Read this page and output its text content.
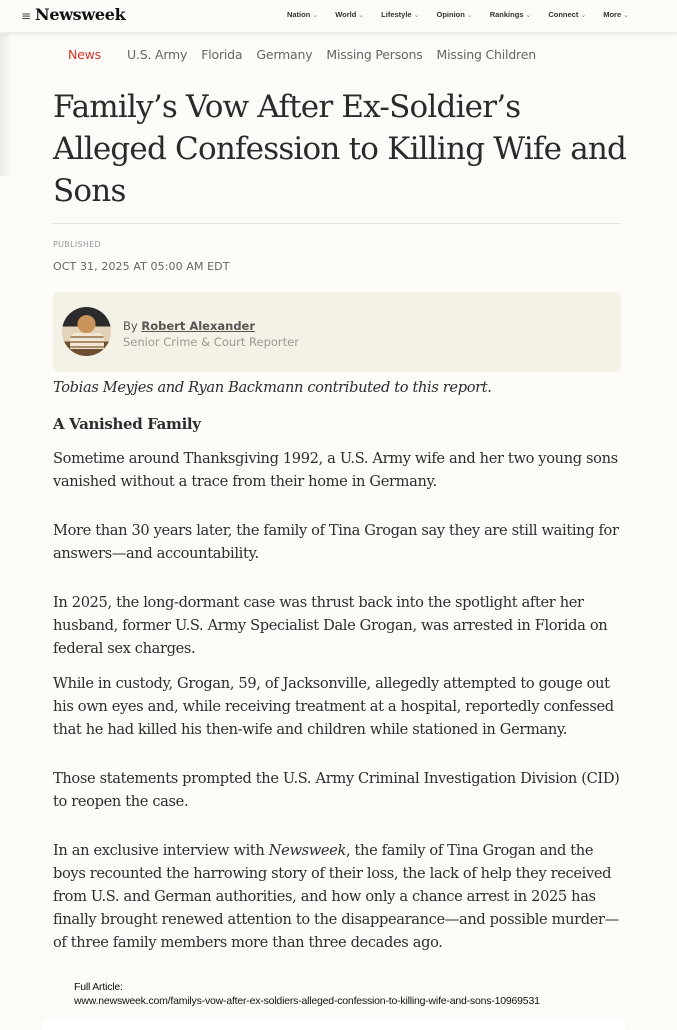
≡ Newsweek	Nation ⌄ World ⌄ Lifestyle ⌄ Opinion ⌄ Rankings ⌄ Connect ⌄ More ⌄
News U.S. Army Florida Germany Missing Persons Missing Children
Family’s Vow After Ex-Soldier’s Alleged Confession to Killing Wife and Sons
PUBLISHED
OCT 31, 2025 AT 05:00 AM EDT
By Robert Alexander
Senior Crime & Court Reporter

Tobias Meyjes and Ryan Backmann contributed to this report.

A Vanished Family

Sometime around Thanksgiving 1992, a U.S. Army wife and her two young sons vanished without a trace from their home in Germany.

More than 30 years later, the family of Tina Grogan say they are still waiting for answers—and accountability.

In 2025, the long-dormant case was thrust back into the spotlight after her husband, former U.S. Army Specialist Dale Grogan, was arrested in Florida on federal sex charges.

While in custody, Grogan, 59, of Jacksonville, allegedly attempted to gouge out his own eyes and, while receiving treatment at a hospital, reportedly confessed that he had killed his then-wife and children while stationed in Germany.

Those statements prompted the U.S. Army Criminal Investigation Division (CID) to reopen the case.

In an exclusive interview with Newsweek, the family of Tina Grogan and the boys recounted the harrowing story of their loss, the lack of help they received from U.S. and German authorities, and how only a chance arrest in 2025 has finally brought renewed attention to the disappearance—and possible murder—of three family members more than three decades ago.

Full Article:
www.newsweek.com/familys-vow-after-ex-soldiers-alleged-confession-to-killing-wife-and-sons-10969531
